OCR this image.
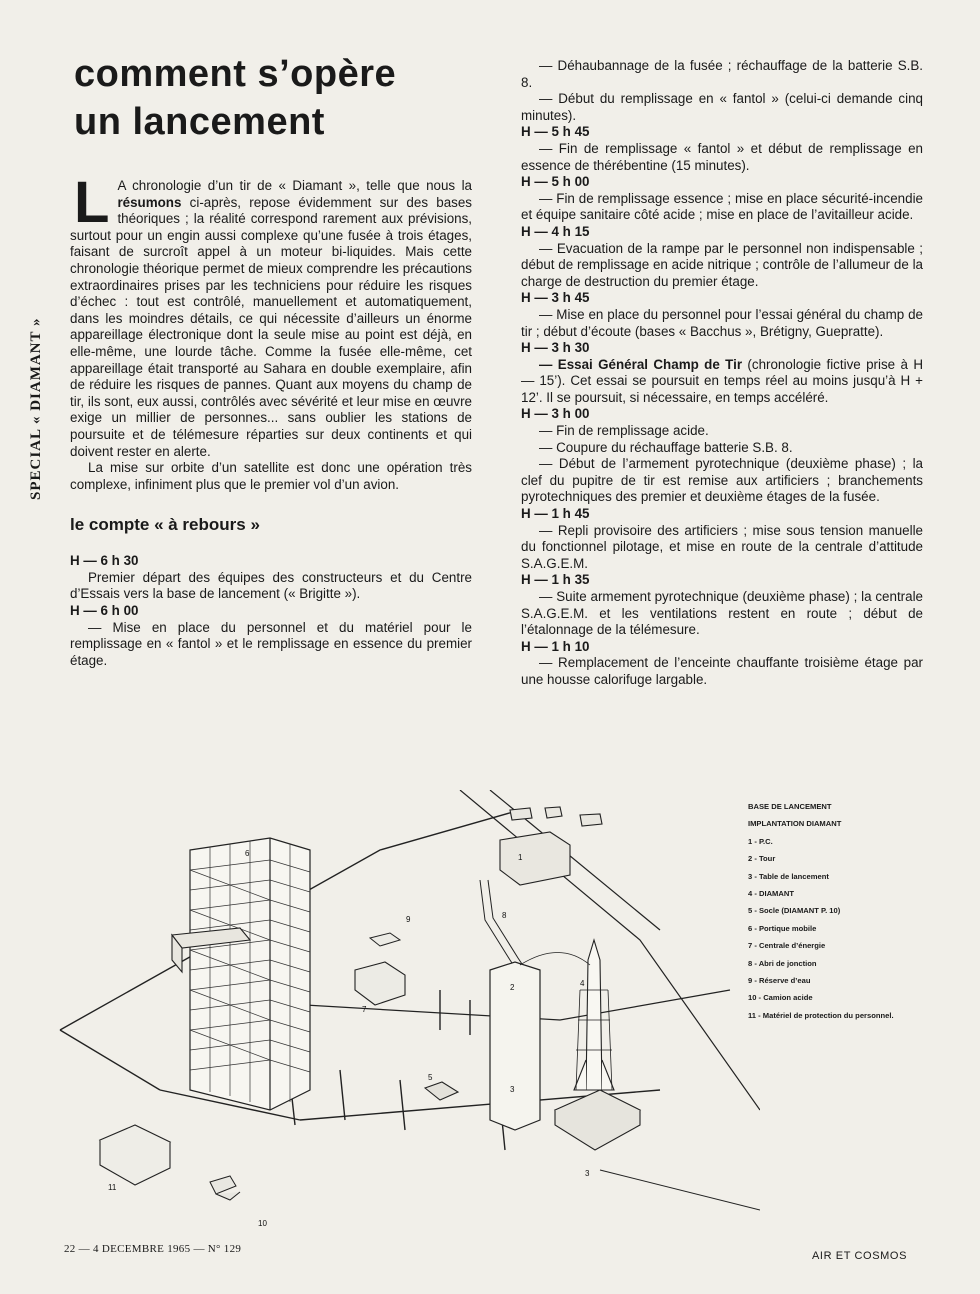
SPECIAL « DIAMANT »
comment s’opère
un lancement

L A chronologie d’un tir de « Diamant », telle que nous la résumons ci-après, repose évidemment sur des bases théoriques ; la réalité correspond rarement aux prévisions, surtout pour un engin aussi complexe qu’une fusée à trois étages, faisant de surcroît appel à un moteur bi-liquides. Mais cette chronologie théorique permet de mieux comprendre les précautions extraordinaires prises par les techniciens pour réduire les risques d’échec : tout est contrôlé, manuellement et automatiquement, dans les moindres détails, ce qui nécessite d’ailleurs un énorme appareillage électronique dont la seule mise au point est déjà, en elle-même, une lourde tâche. Comme la fusée elle-même, cet appareillage était transporté au Sahara en double exemplaire, afin de réduire les risques de pannes. Quant aux moyens du champ de tir, ils sont, eux aussi, contrôlés avec sévérité et leur mise en œuvre exige un millier de personnes... sans oublier les stations de poursuite et de télémesure réparties sur deux continents et qui doivent rester en alerte.

La mise sur orbite d’un satellite est donc une opération très complexe, infiniment plus que le premier vol d’un avion.

le compte « à rebours »

H — 6 h 30

Premier départ des équipes des constructeurs et du Centre d’Essais vers la base de lancement (« Brigitte »).

H — 6 h 00

— Mise en place du personnel et du matériel pour le remplissage en « fantol » et le remplissage en essence du premier étage.

— Déhaubannage de la fusée ; réchauffage de la batterie S.B. 8.

— Début du remplissage en « fantol » (celui-ci demande cinq minutes).

H — 5 h 45

— Fin de remplissage « fantol » et début de remplissage en essence de thérébentine (15 minutes).

H — 5 h 00

— Fin de remplissage essence ; mise en place sécurité-incendie et équipe sanitaire côté acide ; mise en place de l’avitailleur acide.

H — 4 h 15

— Evacuation de la rampe par le personnel non indispensable ; début de remplissage en acide nitrique ; contrôle de l’allumeur de la charge de destruction du premier étage.

H — 3 h 45

— Mise en place du personnel pour l’essai général du champ de tir ; début d’écoute (bases « Bacchus », Brétigny, Gueprattе).

H — 3 h 30

— Essai Général Champ de Tir (chronologie fictive prise à H — 15’). Cet essai se poursuit en temps réel au moins jusqu’à H + 12’. Il se poursuit, si nécessaire, en temps accéléré.

H — 3 h 00

— Fin de remplissage acide.

— Coupure du réchauffage batterie S.B. 8.

— Début de l’armement pyrotechnique (deuxième phase) ; la clef du pupitre de tir est remise aux artificiers ; branchements pyrotechniques des premier et deuxième étages de la fusée.

H — 1 h 45

— Repli provisoire des artificiers ; mise sous tension manuelle du fonctionnel pilotage, et mise en route de la centrale d’attitude S.A.G.E.M.

H — 1 h 35

— Suite armement pyrotechnique (deuxième phase) ; la centrale S.A.G.E.M. et les ventilations restent en route ; début de l’étalonnage de la télémesure.

H — 1 h 10

— Remplacement de l’enceinte chauffante troisième étage par une housse calorifuge largable.

6	1
8
9
7
2
3
3
5
4
11
10
BASE DE LANCEMENT
IMPLANTATION DIAMANT
1 - P.C.
2 - Tour
3 - Table de lancement
4 - DIAMANT
5 - Socle (DIAMANT P. 10)
6 - Portique mobile
7 - Centrale d’énergie
8 - Abri de jonction
9 - Réserve d’eau
10 - Camion acide
11 - Matériel de protection du personnel.
22 — 4 DECEMBRE 1965 — N° 129
AIR ET COSMOS
